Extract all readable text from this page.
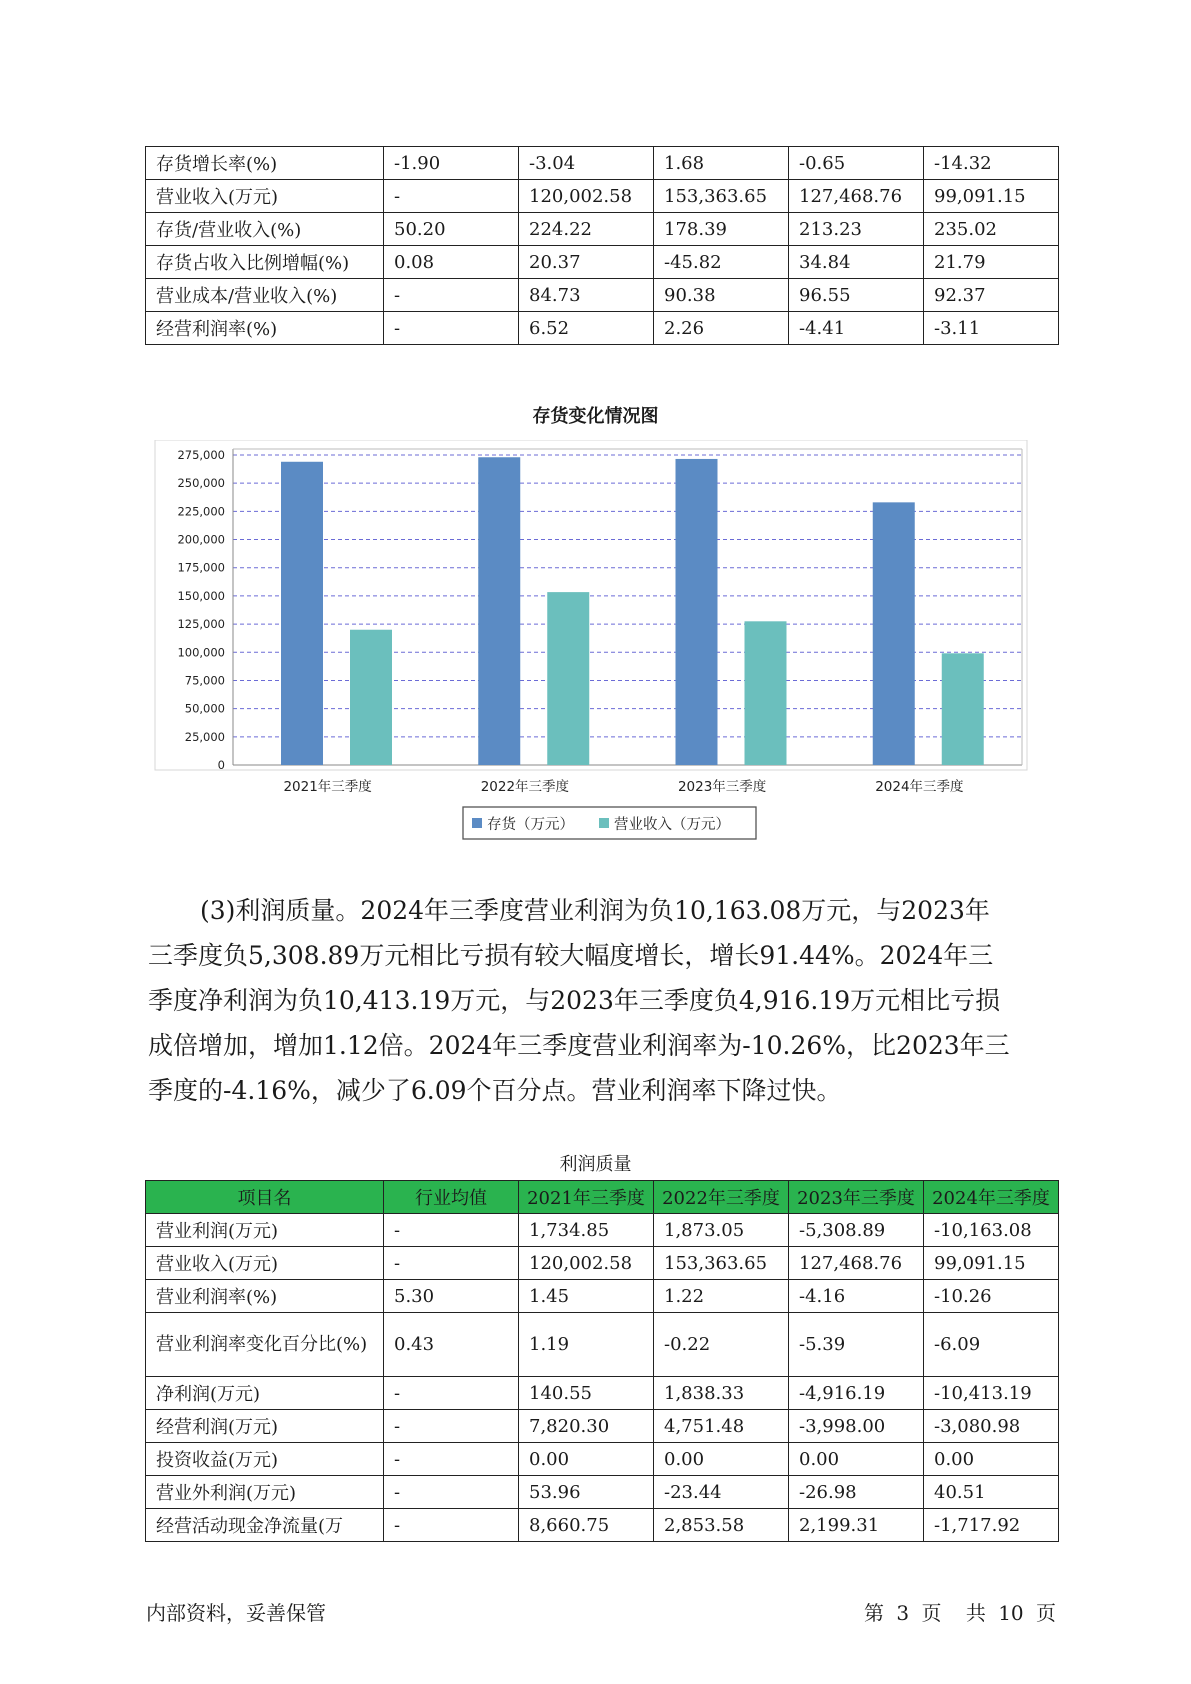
存货增长率(%)	-1.90	-3.04	1.68	-0.65	-14.32
营业收入(万元)	-	120,002.58	153,363.65	127,468.76	99,091.15
存货/营业收入(%)	50.20	224.22	178.39	213.23	235.02
存货占收入比例增幅(%)	0.08	20.37	-45.82	34.84	21.79
营业成本/营业收入(%)	-	84.73	90.38	96.55	92.37
经营利润率(%)	-	6.52	2.26	-4.41	-3.11
存货变化情况图
0
25,000
50,000
75,000
100,000
125,000
150,000
175,000
200,000
225,000
250,000
275,000
2021年三季度	2022年三季度	2023年三季度	2024年三季度
存货（万元）	营业收入（万元）
(3)利润质量。2024年三季度营业利润为负10,163.08万元，与2023年
三季度负5,308.89万元相比亏损有较大幅度增长，增长91.44%。2024年三
季度净利润为负10,413.19万元，与2023年三季度负4,916.19万元相比亏损
成倍增加，增加1.12倍。2024年三季度营业利润率为-10.26%，比2023年三
季度的-4.16%，减少了6.09个百分点。营业利润率下降过快。
利润质量
项目名	行业均值	2021年三季度	2022年三季度	2023年三季度	2024年三季度
营业利润(万元)	-	1,734.85	1,873.05	-5,308.89	-10,163.08
营业收入(万元)	-	120,002.58	153,363.65	127,468.76	99,091.15
营业利润率(%)	5.30	1.45	1.22	-4.16	-10.26
营业利润率变化百分比(%)	0.43	1.19	-0.22	-5.39	-6.09
净利润(万元)	-	140.55	1,838.33	-4,916.19	-10,413.19
经营利润(万元)	-	7,820.30	4,751.48	-3,998.00	-3,080.98
投资收益(万元)	-	0.00	0.00	0.00	0.00
营业外利润(万元)	-	53.96	-23.44	-26.98	40.51
经营活动现金净流量(万	-	8,660.75	2,853.58	2,199.31	-1,717.92
内部资料，妥善保管	第 3 页 共 10 页
